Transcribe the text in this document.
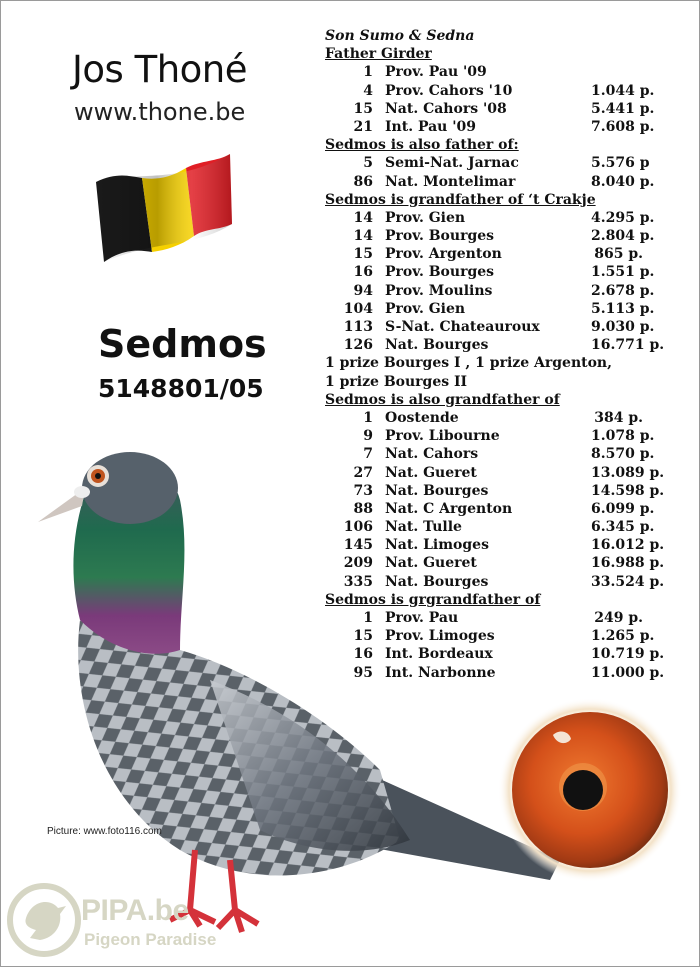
Jos Thoné
www.thone.be
Sedmos
5148801/05
Son Sumo & Sedna
Father Girder
1 Prov. Pau '09
4 Prov. Cahors '10	1.044 p.
15 Nat. Cahors '08	5.441 p.
21 Int. Pau '09	7.608 p.
Sedmos is also father of:
5 Semi-Nat. Jarnac	5.576 p
86 Nat. Montelimar	8.040 p.
Sedmos is grandfather of ‘t Crakje
14 Prov. Gien	4.295 p.
14 Prov. Bourges	2.804 p.
15 Prov. Argenton	865 p.
16 Prov. Bourges	1.551 p.
94 Prov. Moulins	2.678 p.
104 Prov. Gien	5.113 p.
113 S-Nat. Chateauroux	9.030 p.
126 Nat. Bourges	16.771 p.
1 prize Bourges I , 1 prize Argenton,
1 prize Bourges II
Sedmos is also grandfather of
1 Oostende	384 p.
9 Prov. Libourne	1.078 p.
7 Nat. Cahors	8.570 p.
27 Nat. Gueret	13.089 p.
73 Nat. Bourges	14.598 p.
88 Nat. C Argenton	6.099 p.
106 Nat. Tulle	6.345 p.
145 Nat. Limoges	16.012 p.
209 Nat. Gueret	16.988 p.
335 Nat. Bourges	33.524 p.
Sedmos is grgrandfather of
1 Prov. Pau	249 p.
15 Prov. Limoges	1.265 p.
16 Int. Bordeaux	10.719 p.
95 Int. Narbonne	11.000 p.
Picture: www.foto116.com
PIPA.be
Pigeon Paradise
